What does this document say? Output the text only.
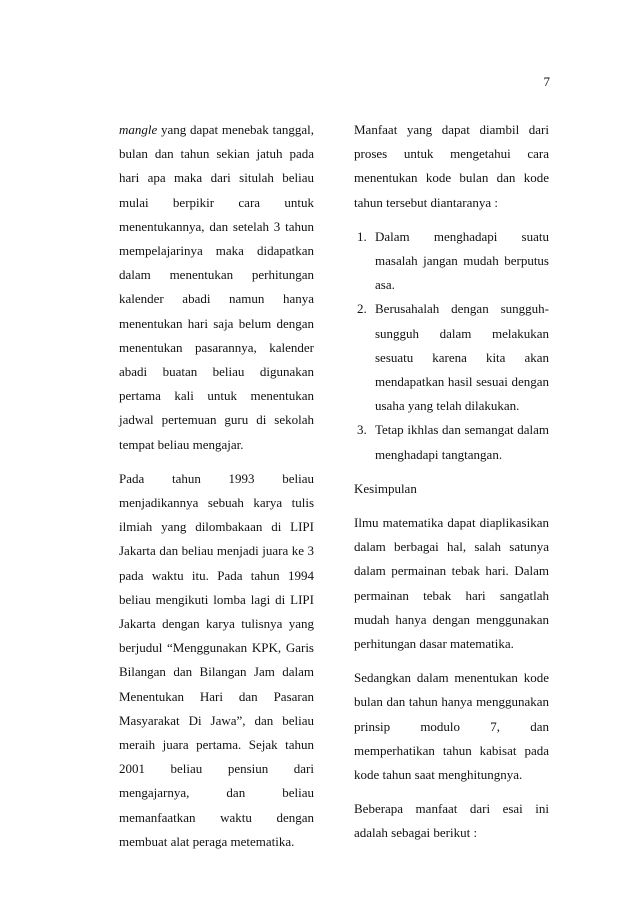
7

mangle yang dapat menebak tanggal, bulan dan tahun sekian jatuh pada hari apa maka dari situlah beliau mulai berpikir cara untuk menentukannya, dan setelah 3 tahun mempelajarinya maka didapatkan dalam menentukan perhitungan kalender abadi namun hanya menentukan hari saja belum dengan menentukan pasarannya, kalender abadi buatan beliau digunakan pertama kali untuk menentukan jadwal pertemuan guru di sekolah tempat beliau mengajar.

Pada tahun 1993 beliau menjadikannya sebuah karya tulis ilmiah yang dilombakaan di LIPI Jakarta dan beliau menjadi juara ke 3 pada waktu itu. Pada tahun 1994 beliau mengikuti lomba lagi di LIPI Jakarta dengan karya tulisnya yang berjudul “Menggunakan KPK, Garis Bilangan dan Bilangan Jam dalam Menentukan Hari dan Pasaran Masyarakat Di Jawa”, dan beliau meraih juara pertama. Sejak tahun 2001 beliau pensiun dari mengajarnya, dan beliau memanfaatkan waktu dengan membuat alat peraga metematika.

Manfaat yang dapat diambil dari proses untuk mengetahui cara menentukan kode bulan dan kode tahun tersebut diantaranya :

1. Dalam menghadapi suatu masalah jangan mudah berputus asa.
2. Berusahalah dengan sungguh-sungguh dalam melakukan sesuatu karena kita akan mendapatkan hasil sesuai dengan usaha yang telah dilakukan.
3. Tetap ikhlas dan semangat dalam menghadapi tangtangan.
Kesimpulan

Ilmu matematika dapat diaplikasikan dalam berbagai hal, salah satunya dalam permainan tebak hari. Dalam permainan tebak hari sangatlah mudah hanya dengan menggunakan perhitungan dasar matematika.

Sedangkan dalam menentukan kode bulan dan tahun hanya menggunakan prinsip modulo 7, dan memperhatikan tahun kabisat pada kode tahun saat menghitungnya.

Beberapa manfaat dari esai ini adalah sebagai berikut :
